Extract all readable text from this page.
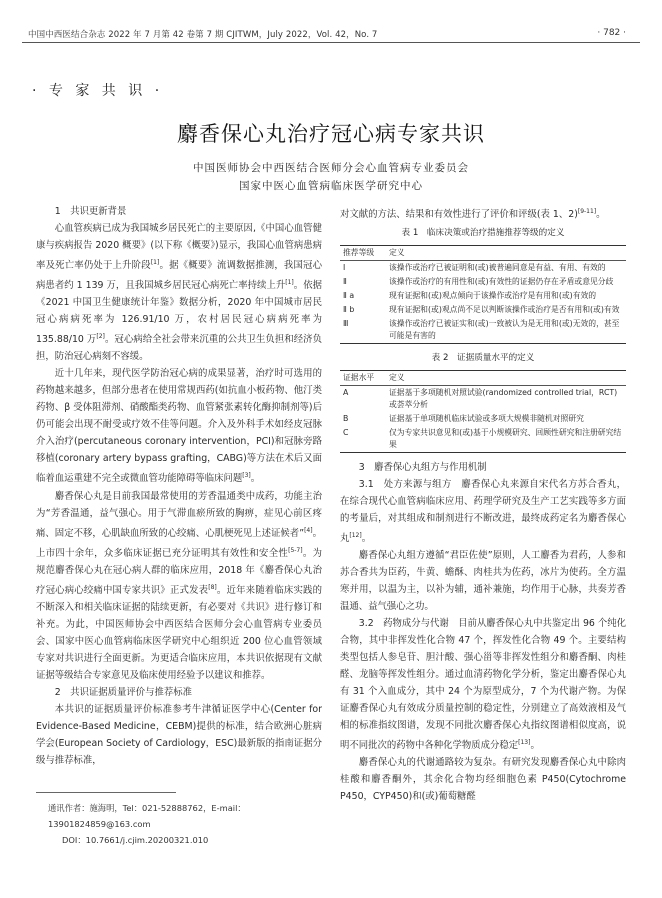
中国中西医结合杂志 2022 年 7 月第 42 卷第 7 期 CJITWM，July 2022，Vol. 42，No. 7	· 782 ·
· 专 家 共 识 ·
麝香保心丸治疗冠心病专家共识
中国医师协会中西医结合医师分会心血管病专业委员会
国家中医心血管病临床医学研究中心

1　共识更新背景

心血管疾病已成为我国城乡居民死亡的主要原因,《中国心血管健康与疾病报告 2020 概要》(以下称《概要》)显示，我国心血管病患病率及死亡率仍处于上升阶段[1]。据《概要》流调数据推测，我国冠心病患者约 1 139 万，且我国城乡居民冠心病死亡率持续上升[1]。依据《2021 中国卫生健康统计年鉴》数据分析，2020 年中国城市居民冠心病病死率为 126.91/10 万，农村居民冠心病病死率为 135.88/10 万[2]。冠心病给全社会带来沉重的公共卫生负担和经济负担，防治冠心病刻不容缓。

近十几年来，现代医学防治冠心病的成果显著，治疗时可选用的药物越来越多，但部分患者在使用常规西药(如抗血小板药物、他汀类药物、β 受体阻滞剂、硝酸酯类药物、血管紧张素转化酶抑制剂等)后仍可能会出现不耐受或疗效不佳等问题。介入及外科手术如经皮冠脉介入治疗(percutaneous coronary intervention，PCI)和冠脉旁路移植(coronary artery bypass grafting，CABG)等方法在术后又面临着血运重建不完全或微血管功能障碍等临床问题[3]。

麝香保心丸是目前我国最常使用的芳香温通类中成药，功能主治为“芳香温通，益气强心。用于气滞血瘀所致的胸痹，症见心前区疼痛、固定不移，心肌缺血所致的心绞痛、心肌梗死见上述证候者”[4]。上市四十余年，众多临床证据已充分证明其有效性和安全性[5-7]。为规范麝香保心丸在冠心病人群的临床应用，2018 年《麝香保心丸治疗冠心病心绞痛中国专家共识》正式发表[8]。近年来随着临床实践的不断深入和相关临床证据的陆续更新，有必要对《共识》进行修订和补充。为此，中国医师协会中西医结合医师分会心血管病专业委员会、国家中医心血管病临床医学研究中心组织近 200 位心血管领域专家对共识进行全面更新。为更适合临床应用，本共识依据现有文献证据等级结合专家意见及临床使用经验予以建议和推荐。

2　共识证据质量评价与推荐标准

本共识的证据质量评价标准参考牛津循证医学中心(Center for Evidence-Based Medicine，CEBM)提供的标准，结合欧洲心脏病学会(European Society of Cardiology，ESC)最新版的指南证据分级与推荐标准，

通讯作者：施海明，Tel：021-52888762，E-mail：13901824859@163.com
DOI：10.7661/j.cjim.20200321.010

对文献的方法、结果和有效性进行了评价和评级(表 1、2)[9-11]。

表 1　临床决策或治疗措施推荐等级的定义
推荐等级	定义
Ⅰ	该操作或治疗已被证明和(或)被普遍同意是有益、有用、有效的
Ⅱ	该操作或治疗的有用性和(或)有效性的证据仍存在矛盾或意见分歧
Ⅱ a	现有证据和(或)观点倾向于该操作或治疗是有用和(或)有效的
Ⅱ b	现有证据和(或)观点尚不足以判断该操作或治疗是否有用和(或)有效
Ⅲ	该操作或治疗已被证实和(或)一致被认为是无用和(或)无效的，甚至可能是有害的
表 2　证据质量水平的定义
证据水平	定义
A	证据基于多项随机对照试验(randomized controlled trial，RCT)或荟萃分析
B	证据基于单项随机临床试验或多项大规模非随机对照研究
C	仅为专家共识意见和(或)基于小规模研究、回顾性研究和注册研究结果

3　麝香保心丸组方与作用机制

3.1　处方来源与组方　麝香保心丸来源自宋代名方苏合香丸，在综合现代心血管病临床应用、药理学研究及生产工艺实践等多方面的考量后，对其组成和制剂进行不断改进，最终成药定名为麝香保心丸[12]。

麝香保心丸组方遵循“君臣佐使”原则，人工麝香为君药，人参和苏合香共为臣药，牛黄、蟾酥、肉桂共为佐药，冰片为使药。全方温寒并用，以温为主，以补为辅，通补兼施，均作用于心脉，共奏芳香温通、益气强心之功。

3.2　药物成分与代谢　目前从麝香保心丸中共鉴定出 96 个纯化合物，其中非挥发性化合物 47 个，挥发性化合物 49 个。主要结构类型包括人参皂苷、胆汁酸、强心甾等非挥发性组分和麝香酮、肉桂醛、龙脑等挥发性组分。通过血清药物化学分析，鉴定出麝香保心丸有 31 个入血成分，其中 24 个为原型成分，7 个为代谢产物。为保证麝香保心丸有效成分质量控制的稳定性，分别建立了高效液相及气相的标准指纹图谱，发现不同批次麝香保心丸指纹图谱相似度高，说明不同批次的药物中各种化学物质成分稳定[13]。

麝香保心丸的代谢通路较为复杂。有研究发现麝香保心丸中除肉桂酸和麝香酮外，其余化合物均经细胞色素 P450(Cytochrome P450，CYP450)和(或)葡萄糖醛
